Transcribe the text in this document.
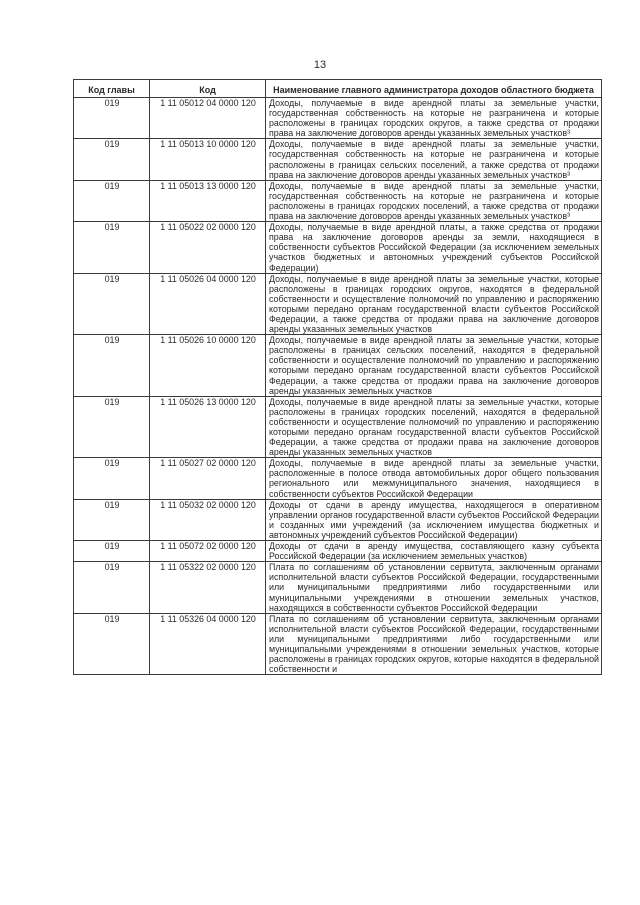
13
Код главы	Код	Наименование главного администратора доходов областного бюджета
019	1 11 05012 04 0000 120	Доходы, получаемые в виде арендной платы за земельные участки, государственная собственность на которые не разграничена и которые расположены в границах городских округов, а также средства от продажи права на заключение договоров аренды указанных земельных участков³
019	1 11 05013 10 0000 120	Доходы, получаемые в виде арендной платы за земельные участки, государственная собственность на которые не разграничена и которые расположены в границах сельских поселений, а также средства от продажи права на заключение договоров аренды указанных земельных участков³
019	1 11 05013 13 0000 120	Доходы, получаемые в виде арендной платы за земельные участки, государственная собственность на которые не разграничена и которые расположены в границах городских поселений, а также средства от продажи права на заключение договоров аренды указанных земельных участков³
019	1 11 05022 02 0000 120	Доходы, получаемые в виде арендной платы, а также средства от продажи права на заключение договоров аренды за земли, находящиеся в собственности субъектов Российской Федерации (за исключением земельных участков бюджетных и автономных учреждений субъектов Российской Федерации)
019	1 11 05026 04 0000 120	Доходы, получаемые в виде арендной платы за земельные участки, которые расположены в границах городских округов, находятся в федеральной собственности и осуществление полномочий по управлению и распоряжению которыми передано органам государственной власти субъектов Российской Федерации, а также средства от продажи права на заключение договоров аренды указанных земельных участков
019	1 11 05026 10 0000 120	Доходы, получаемые в виде арендной платы за земельные участки, которые расположены в границах сельских поселений, находятся в федеральной собственности и осуществление полномочий по управлению и распоряжению которыми передано органам государственной власти субъектов Российской Федерации, а также средства от продажи права на заключение договоров аренды указанных земельных участков
019	1 11 05026 13 0000 120	Доходы, получаемые в виде арендной платы за земельные участки, которые расположены в границах городских поселений, находятся в федеральной собственности и осуществление полномочий по управлению и распоряжению которыми передано органам государственной власти субъектов Российской Федерации, а также средства от продажи права на заключение договоров аренды указанных земельных участков
019	1 11 05027 02 0000 120	Доходы, получаемые в виде арендной платы за земельные участки, расположенные в полосе отвода автомобильных дорог общего пользования регионального или межмуниципального значения, находящиеся в собственности субъектов Российской Федерации
019	1 11 05032 02 0000 120	Доходы от сдачи в аренду имущества, находящегося в оперативном управлении органов государственной власти субъектов Российской Федерации и созданных ими учреждений (за исключением имущества бюджетных и автономных учреждений субъектов Российской Федерации)
019	1 11 05072 02 0000 120	Доходы от сдачи в аренду имущества, составляющего казну субъекта Российской Федерации (за исключением земельных участков)
019	1 11 05322 02 0000 120	Плата по соглашениям об установлении сервитута, заключенным органами исполнительной власти субъектов Российской Федерации, государственными или муниципальными предприятиями либо государственными или муниципальными учреждениями в отношении земельных участков, находящихся в собственности субъектов Российской Федерации
019	1 11 05326 04 0000 120	Плата по соглашениям об установлении сервитута, заключенным органами исполнительной власти субъектов Российской Федерации, государственными или муниципальными предприятиями либо государственными или муниципальными учреждениями в отношении земельных участков, которые расположены в границах городских округов, которые находятся в федеральной собственности и
